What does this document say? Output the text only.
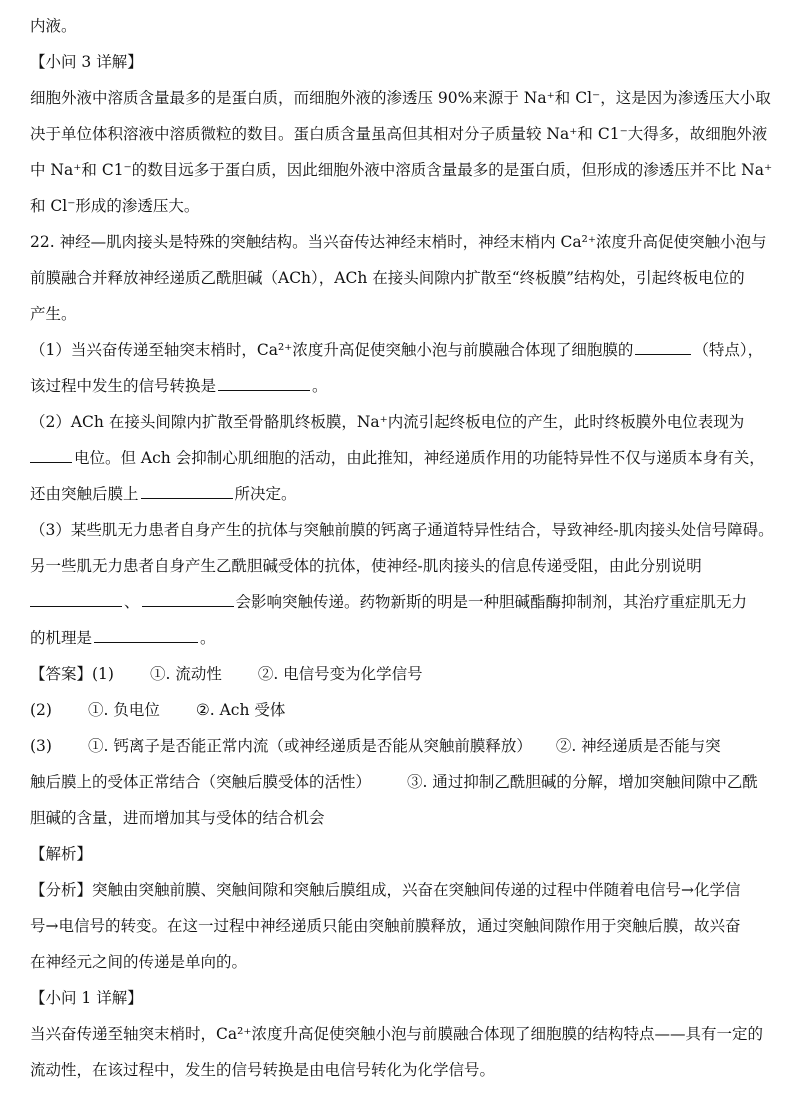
内液。
【小问 3 详解】
细胞外液中溶质含量最多的是蛋白质，而细胞外液的渗透压 90%来源于 Na⁺和 Cl⁻，这是因为渗透压大小取
决于单位体积溶液中溶质微粒的数目。蛋白质含量虽高但其相对分子质量较 Na⁺和 C1⁻大得多，故细胞外液
中 Na⁺和 C1⁻的数目远多于蛋白质，因此细胞外液中溶质含量最多的是蛋白质，但形成的渗透压并不比 Na⁺
和 Cl⁻形成的渗透压大。
22. 神经—肌肉接头是特殊的突触结构。当兴奋传达神经末梢时，神经末梢内 Ca²⁺浓度升高促使突触小泡与
前膜融合并释放神经递质乙酰胆碱（ACh），ACh 在接头间隙内扩散至“终板膜”结构处，引起终板电位的
产生。
（1）当兴奋传递至轴突末梢时，Ca²⁺浓度升高促使突触小泡与前膜融合体现了细胞膜的	（特点），
该过程中发生的信号转换是	。
（2）ACh 在接头间隙内扩散至骨骼肌终板膜，Na⁺内流引起终板电位的产生，此时终板膜外电位表现为
电位。但 Ach 会抑制心肌细胞的活动，由此推知，神经递质作用的功能特异性不仅与递质本身有关，
还由突触后膜上	所决定。
（3）某些肌无力患者自身产生的抗体与突触前膜的钙离子通道特异性结合，导致神经-肌肉接头处信号障碍。
另一些肌无力患者自身产生乙酰胆碱受体的抗体，使神经-肌肉接头的信息传递受阻，由此分别说明
、	会影响突触传递。药物新斯的明是一种胆碱酯酶抑制剂，其治疗重症肌无力
的机理是	。
【答案】(1) ①. 流动性 ②. 电信号变为化学信号
(2) ①. 负电位 ②. Ach 受体
(3) ①. 钙离子是否能正常内流（或神经递质是否能从突触前膜释放） ②. 神经递质是否能与突
触后膜上的受体正常结合（突触后膜受体的活性） ③. 通过抑制乙酰胆碱的分解，增加突触间隙中乙酰
胆碱的含量，进而增加其与受体的结合机会
【解析】
【分析】突触由突触前膜、突触间隙和突触后膜组成，兴奋在突触间传递的过程中伴随着电信号→化学信
号→电信号的转变。在这一过程中神经递质只能由突触前膜释放，通过突触间隙作用于突触后膜，故兴奋
在神经元之间的传递是单向的。
【小问 1 详解】
当兴奋传递至轴突末梢时，Ca²⁺浓度升高促使突触小泡与前膜融合体现了细胞膜的结构特点——具有一定的
流动性，在该过程中，发生的信号转换是由电信号转化为化学信号。
